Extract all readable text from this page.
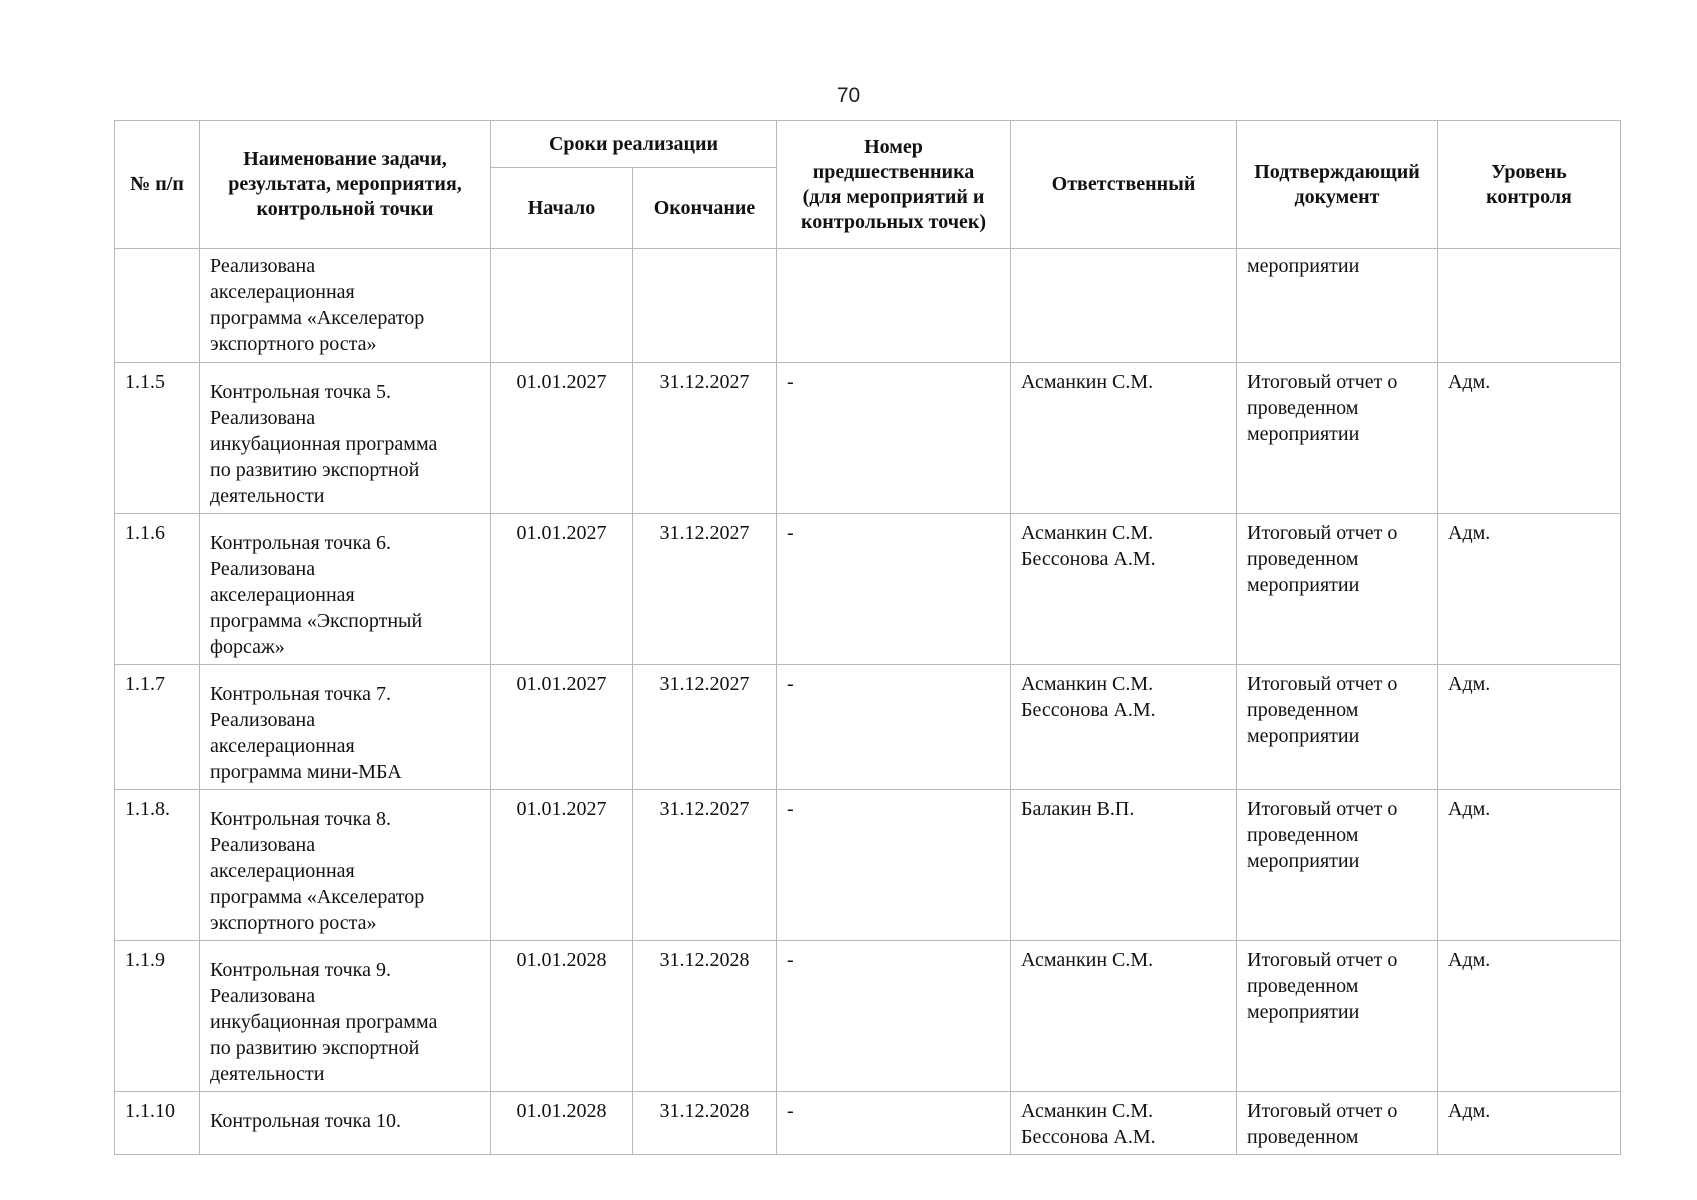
70
№ п/п	Наименование задачи,
результата, мероприятия,
контрольной точки	Сроки реализации		Номер
предшественника
(для мероприятий и
контрольных точек)	Ответственный	Подтверждающий
документ	Уровень
контроля

		Начало	Окончание				

	Реализована
акселерационная
программа «Акселератор
экспортного роста»					мероприятии	

1.1.5	Контрольная точка 5.
Реализована
инкубационная программа
по развитию экспортной
деятельности	01.01.2027	31.12.2027	-	Асманкин С.М.	Итоговый отчет о
проведенном
мероприятии	Адм.
1.1.6	Контрольная точка 6.
Реализована
акселерационная
программа «Экспортный
форсаж»	01.01.2027	31.12.2027	-	Асманкин С.М.
Бессонова А.М.	Итоговый отчет о
проведенном
мероприятии	Адм.
1.1.7	Контрольная точка 7.
Реализована
акселерационная
программа мини-МБА	01.01.2027	31.12.2027	-	Асманкин С.М.
Бессонова А.М.	Итоговый отчет о
проведенном
мероприятии	Адм.
1.1.8.	Контрольная точка 8.
Реализована
акселерационная
программа «Акселератор
экспортного роста»	01.01.2027	31.12.2027	-	Балакин В.П.	Итоговый отчет о
проведенном
мероприятии	Адм.
1.1.9	Контрольная точка 9.
Реализована
инкубационная программа
по развитию экспортной
деятельности	01.01.2028	31.12.2028	-	Асманкин С.М.	Итоговый отчет о
проведенном
мероприятии	Адм.
1.1.10	Контрольная точка 10.	01.01.2028	31.12.2028	-	Асманкин С.М.
Бессонова А.М.	Итоговый отчет о
проведенном	Адм.
